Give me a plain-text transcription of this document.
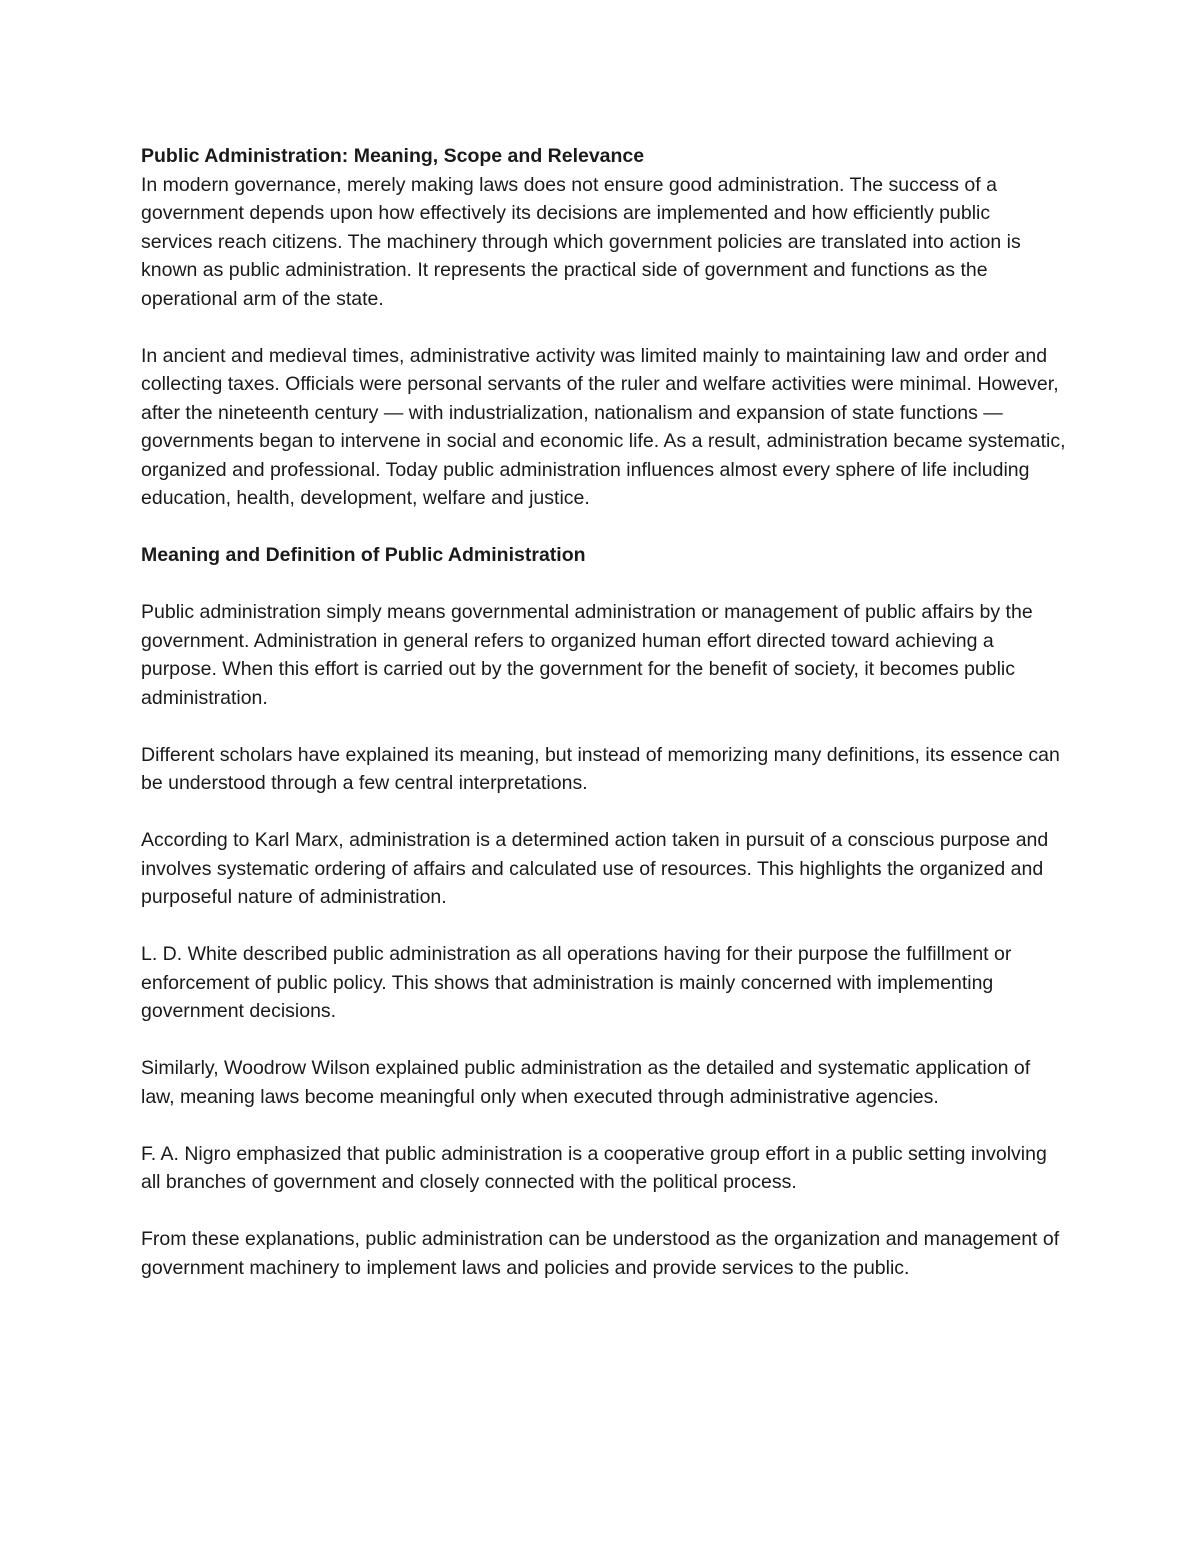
Public Administration: Meaning, Scope and Relevance

In modern governance, merely making laws does not ensure good administration. The success of a government depends upon how effectively its decisions are implemented and how efficiently public services reach citizens. The machinery through which government policies are translated into action is known as public administration. It represents the practical side of government and functions as the operational arm of the state.

In ancient and medieval times, administrative activity was limited mainly to maintaining law and order and collecting taxes. Officials were personal servants of the ruler and welfare activities were minimal. However, after the nineteenth century — with industrialization, nationalism and expansion of state functions — governments began to intervene in social and economic life. As a result, administration became systematic, organized and professional. Today public administration influences almost every sphere of life including education, health, development, welfare and justice.

Meaning and Definition of Public Administration

Public administration simply means governmental administration or management of public affairs by the government. Administration in general refers to organized human effort directed toward achieving a purpose. When this effort is carried out by the government for the benefit of society, it becomes public administration.

Different scholars have explained its meaning, but instead of memorizing many definitions, its essence can be understood through a few central interpretations.

According to Karl Marx, administration is a determined action taken in pursuit of a conscious purpose and involves systematic ordering of affairs and calculated use of resources. This highlights the organized and purposeful nature of administration.

L. D. White described public administration as all operations having for their purpose the fulfillment or enforcement of public policy. This shows that administration is mainly concerned with implementing government decisions.

Similarly, Woodrow Wilson explained public administration as the detailed and systematic application of law, meaning laws become meaningful only when executed through administrative agencies.

F. A. Nigro emphasized that public administration is a cooperative group effort in a public setting involving all branches of government and closely connected with the political process.

From these explanations, public administration can be understood as the organization and management of government machinery to implement laws and policies and provide services to the public.
